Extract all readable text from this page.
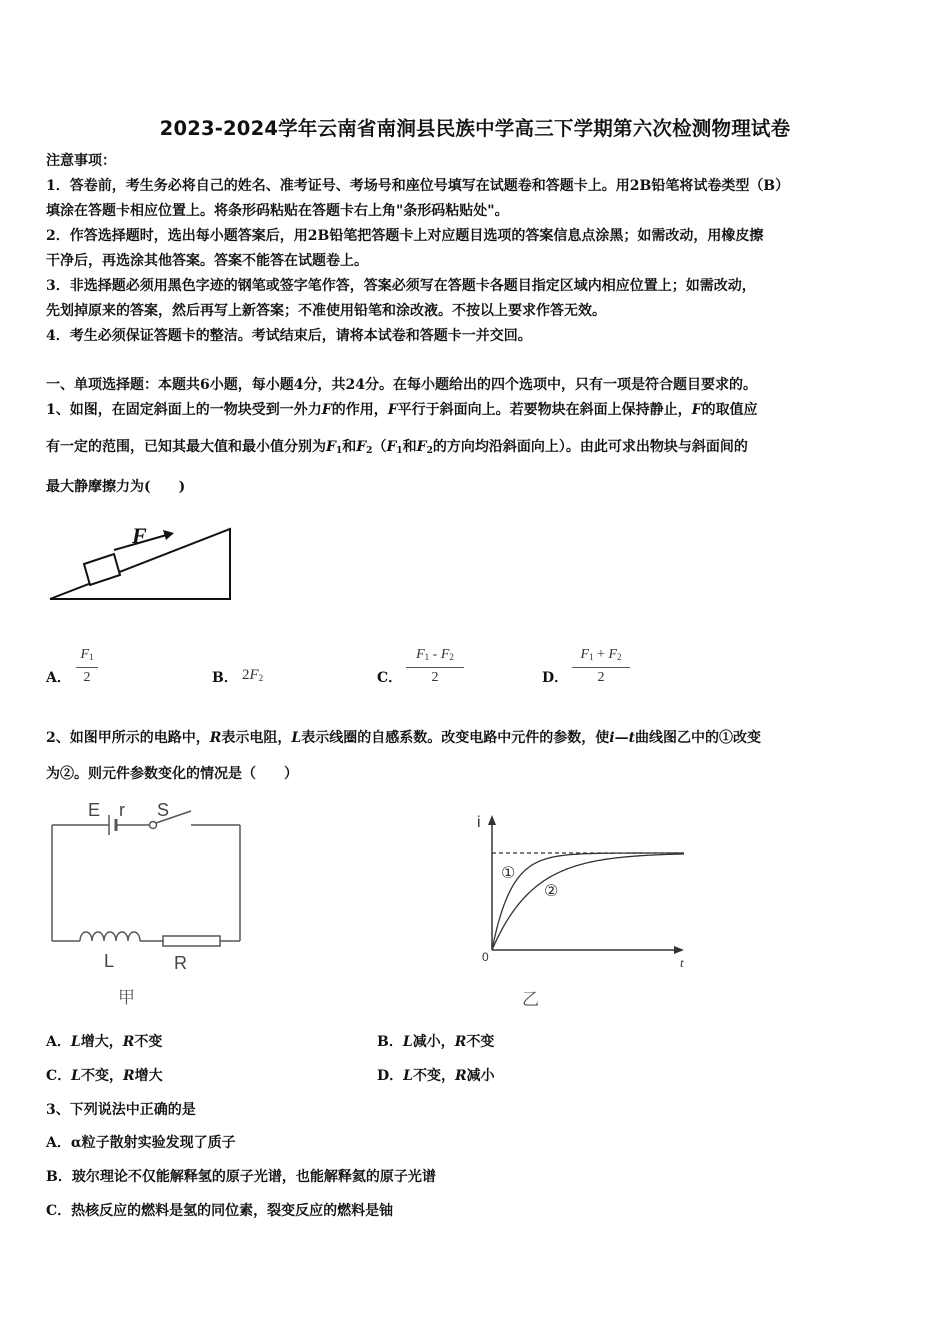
2023-2024学年云南省南涧县民族中学高三下学期第六次检测物理试卷
注意事项：
1．答卷前，考生务必将自己的姓名、准考证号、考场号和座位号填写在试题卷和答题卡上。用2B铅笔将试卷类型（B）
填涂在答题卡相应位置上。将条形码粘贴在答题卡右上角"条形码粘贴处"。
2．作答选择题时，选出每小题答案后，用2B铅笔把答题卡上对应题目选项的答案信息点涂黑；如需改动，用橡皮擦
干净后，再选涂其他答案。答案不能答在试题卷上。
3．非选择题必须用黑色字迹的钢笔或签字笔作答，答案必须写在答题卡各题目指定区域内相应位置上；如需改动，
先划掉原来的答案，然后再写上新答案；不准使用铅笔和涂改液。不按以上要求作答无效。
4．考生必须保证答题卡的整洁。考试结束后，请将本试卷和答题卡一并交回。
一、单项选择题：本题共6小题，每小题4分，共24分。在每小题给出的四个选项中，只有一项是符合题目要求的。
1、如图，在固定斜面上的一物块受到一外力F的作用，F平行于斜面向上。若要物块在斜面上保持静止，F的取值应
有一定的范围，已知其最大值和最小值分别为$F_1$和$F_2(F_1$和$F_2$的方向均沿斜面向上）。由此可求出物块与斜面间的
最大静摩擦力为(　　)
F
A．
$F_1$
2	B． $2F_2$	C．
$F_1 - F_2$
2	D．
$F_1 + F_2$
2
2、如图甲所示的电路中，R表示电阻，L表示线圈的自感系数。改变电路中元件的参数，使i—t曲线图乙中的①改变
为②。则元件参数变化的情况是（　　）
E r S
L	R
甲
i
t
0
①
②
乙
A．L增大，R不变	B．L减小，R不变
C．L不变，R增大	D．L不变，R减小
3、下列说法中正确的是
A．α粒子散射实验发现了质子
B．玻尔理论不仅能解释氢的原子光谱，也能解释氦的原子光谱
C．热核反应的燃料是氢的同位素，裂变反应的燃料是铀
